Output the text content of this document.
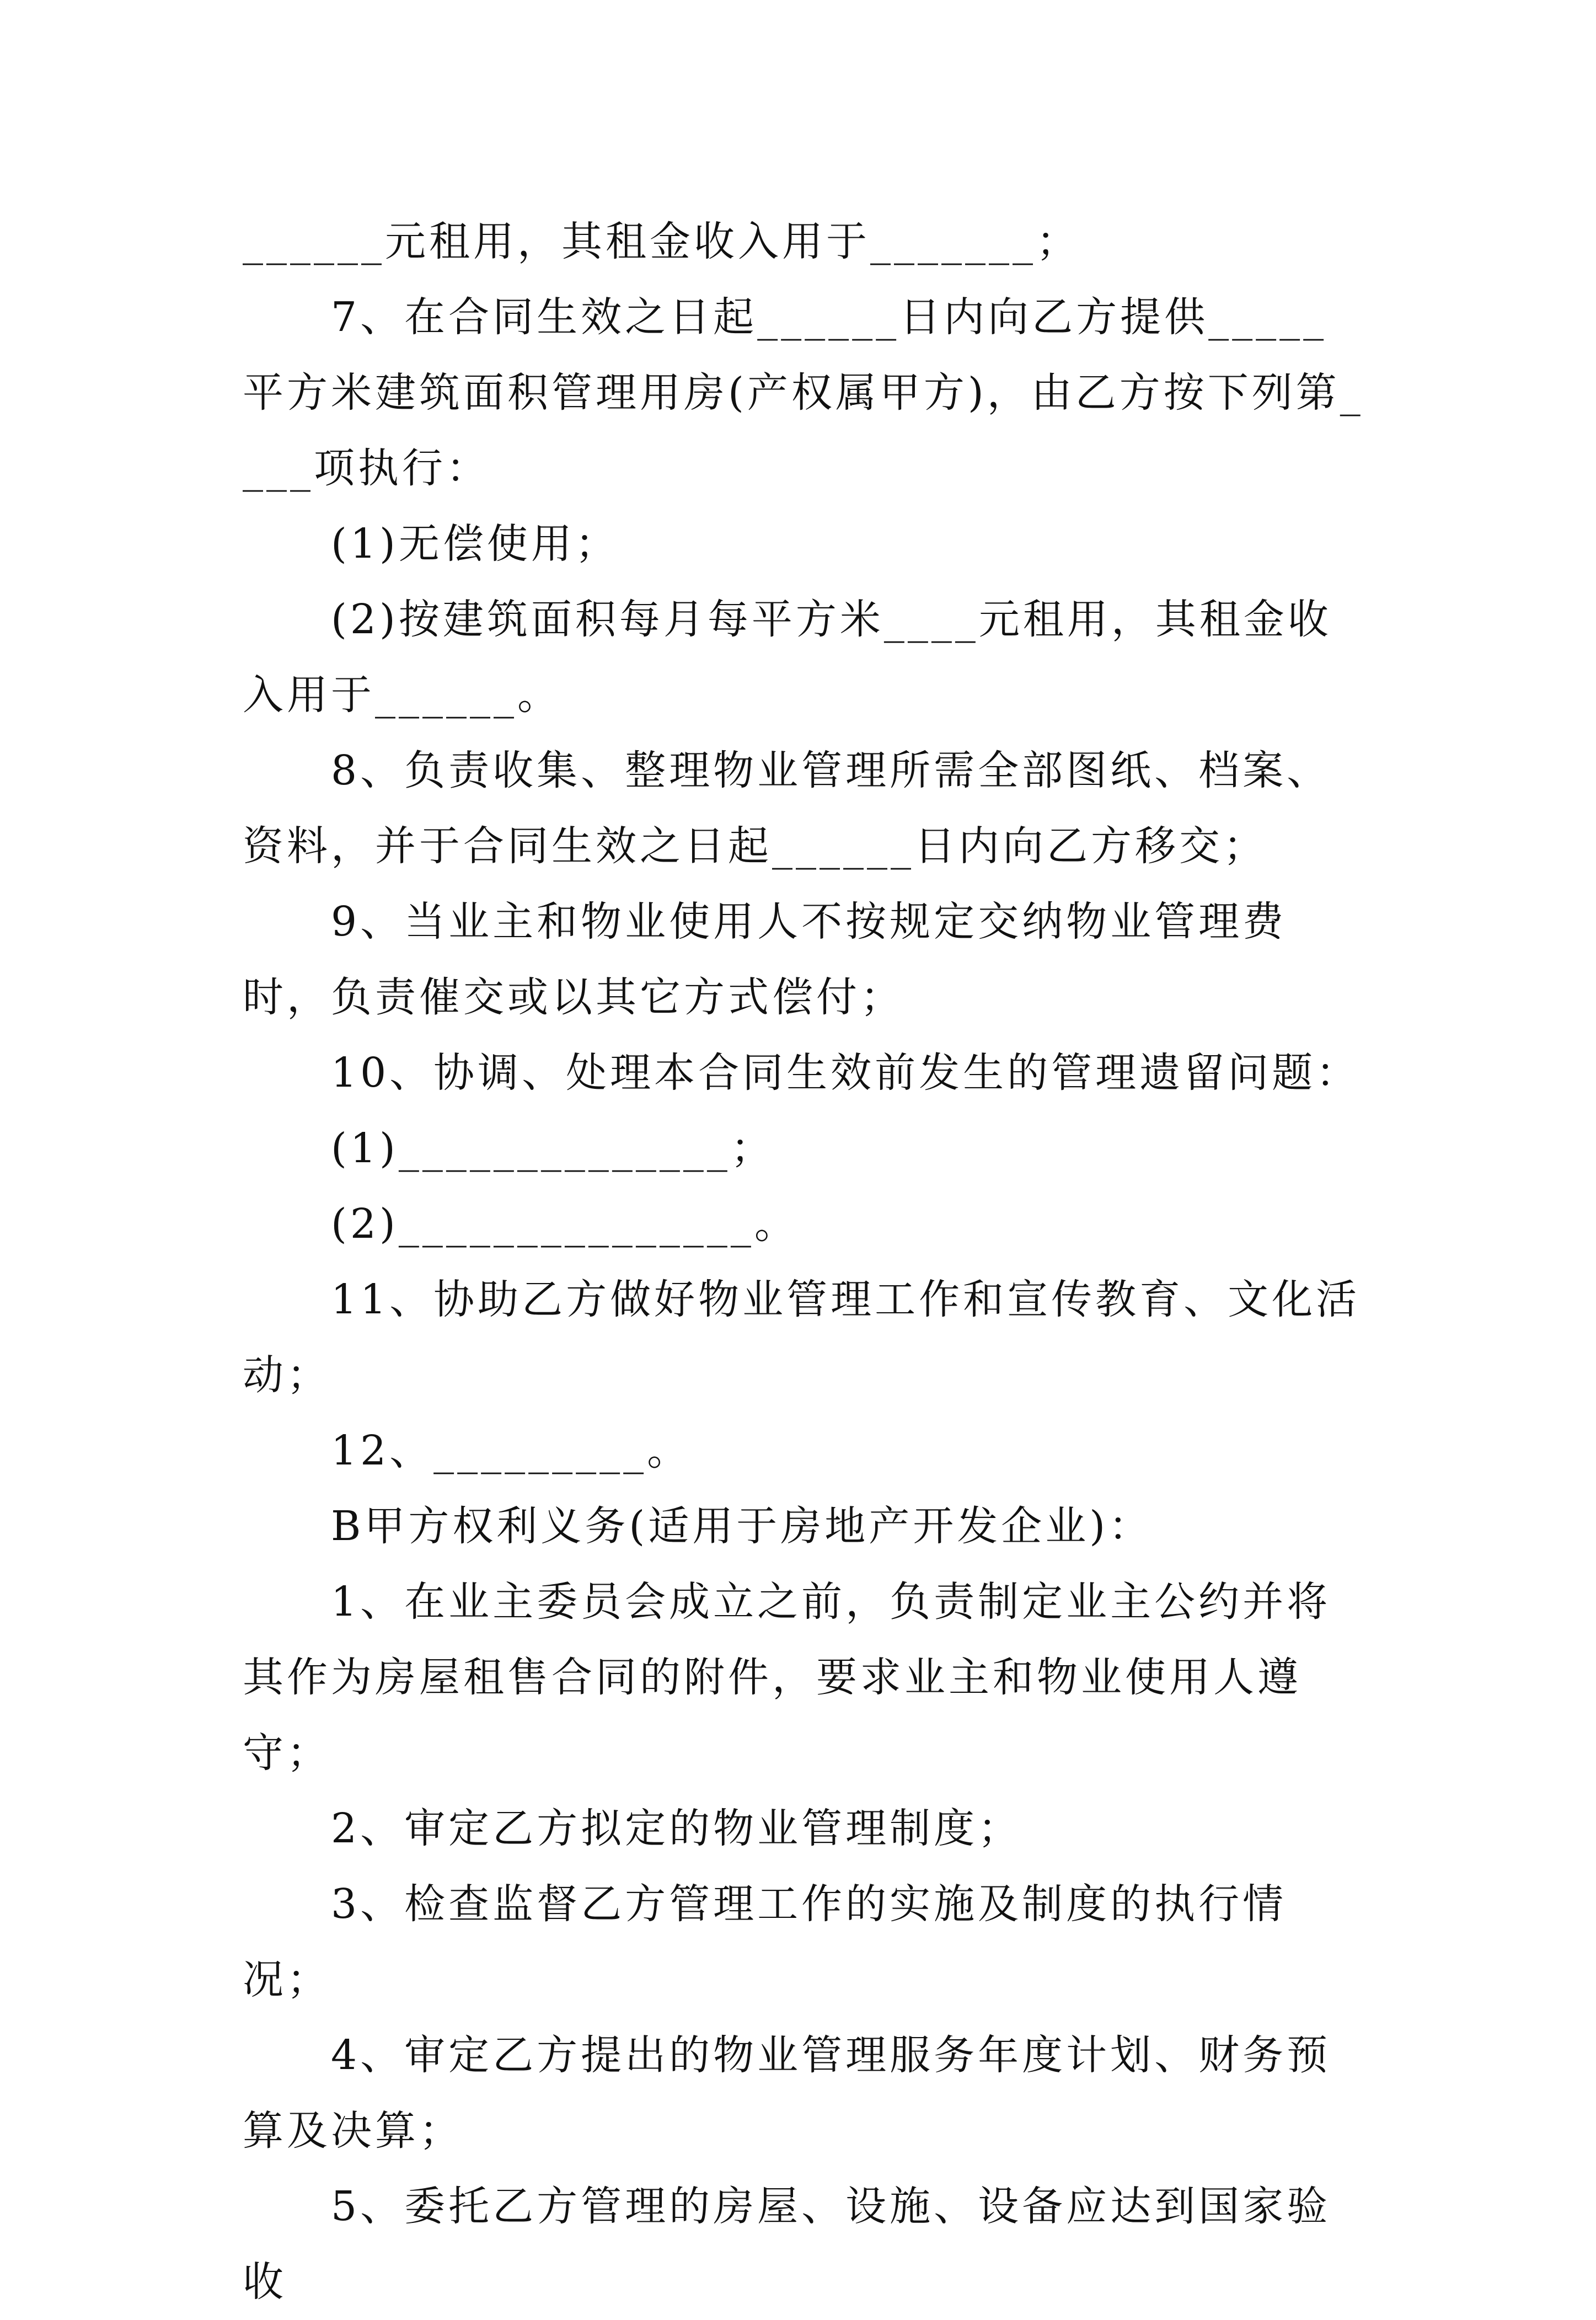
______元租用，其租金收入用于_______；

7、在合同生效之日起______日内向乙方提供_____平方米建筑面积管理用房(产权属甲方)，由乙方按下列第____项执行：

(1)无偿使用；

(2)按建筑面积每月每平方米____元租用，其租金收入用于______。

8、负责收集、整理物业管理所需全部图纸、档案、资料，并于合同生效之日起______日内向乙方移交；

9、当业主和物业使用人不按规定交纳物业管理费时，负责催交或以其它方式偿付；

10、协调、处理本合同生效前发生的管理遗留问题：

(1)______________；

(2)_______________。

11、协助乙方做好物业管理工作和宣传教育、文化活动；

12、_________。

B甲方权利义务(适用于房地产开发企业)：

1、在业主委员会成立之前，负责制定业主公约并将其作为房屋租售合同的附件，要求业主和物业使用人遵守；

2、审定乙方拟定的物业管理制度；

3、检查监督乙方管理工作的实施及制度的执行情况；

4、审定乙方提出的物业管理服务年度计划、财务预算及决算；

5、委托乙方管理的房屋、设施、设备应达到国家验收
